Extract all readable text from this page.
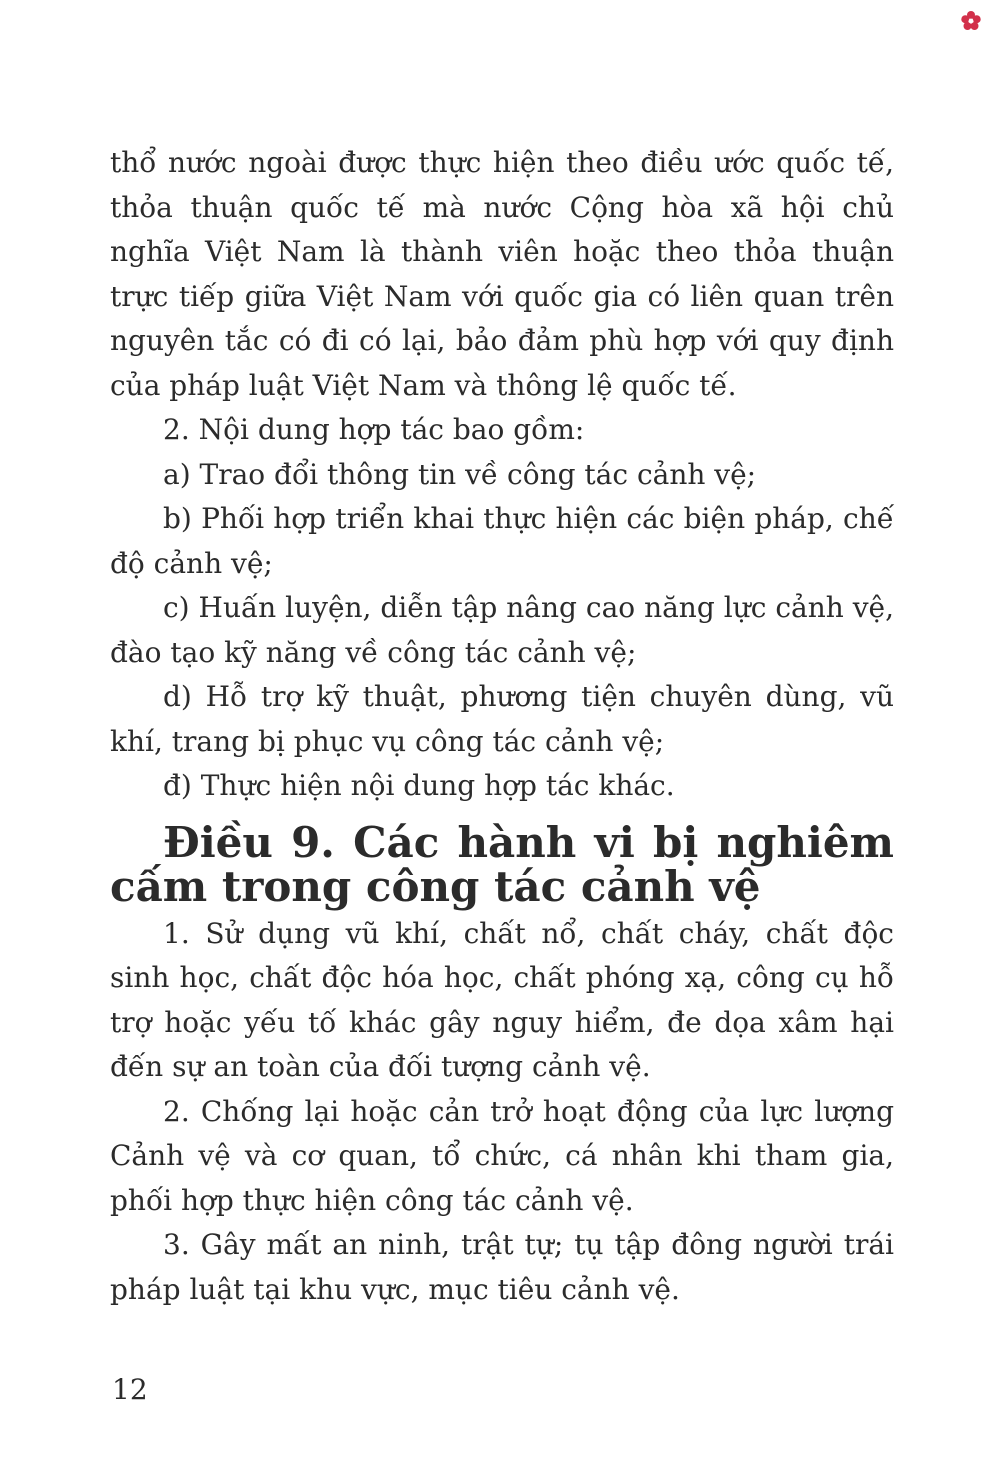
thổ nước ngoài được thực hiện theo điều ước quốc tế, thỏa thuận quốc tế mà nước Cộng hòa xã hội chủ nghĩa Việt Nam là thành viên hoặc theo thỏa thuận trực tiếp giữa Việt Nam với quốc gia có liên quan trên nguyên tắc có đi có lại, bảo đảm phù hợp với quy định của pháp luật Việt Nam và thông lệ quốc tế.

2. Nội dung hợp tác bao gồm:

a) Trao đổi thông tin về công tác cảnh vệ;

b) Phối hợp triển khai thực hiện các biện pháp, chế độ cảnh vệ;

c) Huấn luyện, diễn tập nâng cao năng lực cảnh vệ, đào tạo kỹ năng về công tác cảnh vệ;

d) Hỗ trợ kỹ thuật, phương tiện chuyên dùng, vũ khí, trang bị phục vụ công tác cảnh vệ;

đ) Thực hiện nội dung hợp tác khác.

Điều 9. Các hành vi bị nghiêm cấm trong công tác cảnh vệ

1. Sử dụng vũ khí, chất nổ, chất cháy, chất độc sinh học, chất độc hóa học, chất phóng xạ, công cụ hỗ trợ hoặc yếu tố khác gây nguy hiểm, đe dọa xâm hại đến sự an toàn của đối tượng cảnh vệ.

2. Chống lại hoặc cản trở hoạt động của lực lượng Cảnh vệ và cơ quan, tổ chức, cá nhân khi tham gia, phối hợp thực hiện công tác cảnh vệ.

3. Gây mất an ninh, trật tự; tụ tập đông người trái pháp luật tại khu vực, mục tiêu cảnh vệ.

12
